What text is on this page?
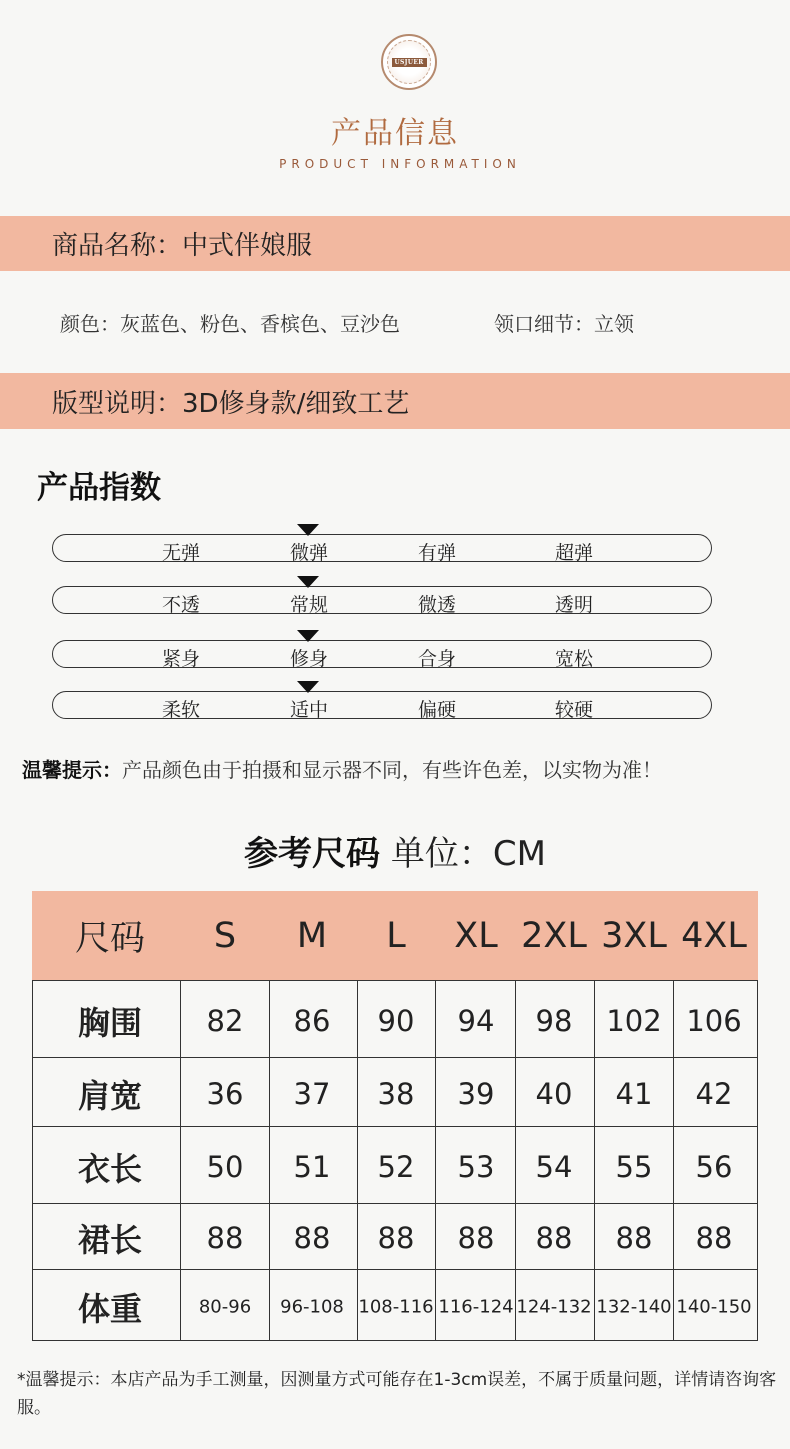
USJUER
产品信息
PRODUCT INFORMATION
商品名称：中式伴娘服
颜色：灰蓝色、粉色、香槟色、豆沙色	领口细节：立领
版型说明：3D修身款/细致工艺
产品指数
无弹	微弹	有弹	超弹
不透	常规	微透	透明
紧身	修身	合身	宽松
柔软	适中	偏硬	较硬
温馨提示：产品颜色由于拍摄和显示器不同，有些许色差，以实物为准！
参考尺码 单位：CM
尺码 S M L XL 2XL 3XL 4XL
胸围 82 86 90 94 98 102 106
肩宽 36 37 38 39 40 41 42
衣长 50 51 52 53 54 55 56
裙长 88 88 88 88 88 88 88
体重	80-96 96-108 108-116 116-124 124-132 132-140 140-150
*温馨提示：本店产品为手工测量，因测量方式可能存在1-3cm误差，不属于质量问题，详情请咨询客服。
